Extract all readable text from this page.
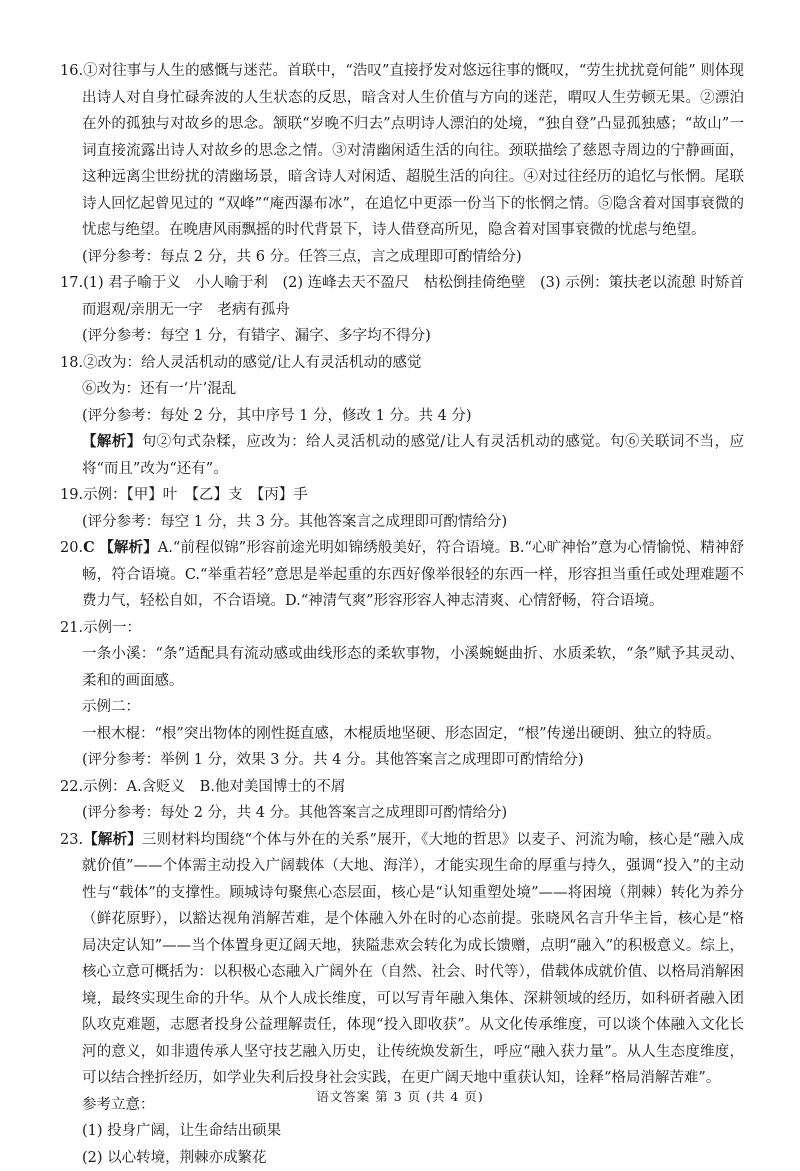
16.①对往事与人生的感慨与迷茫。首联中，“浩叹”直接抒发对悠远往事的慨叹，“劳生扰扰竟何能” 则体现出诗人对自身忙碌奔波的人生状态的反思，暗含对人生价值与方向的迷茫，喟叹人生劳顿无果。②漂泊在外的孤独与对故乡的思念。颔联“岁晚不归去”点明诗人漂泊的处境，“独自登”凸显孤独感；“故山”一词直接流露出诗人对故乡的思念之情。③对清幽闲适生活的向往。颈联描绘了慈恩寺周边的宁静画面，这种远离尘世纷扰的清幽场景，暗含诗人对闲适、超脱生活的向往。④对过往经历的追忆与怅惘。尾联诗人回忆起曾见过的 “双峰”“庵西瀑布冰”，在追忆中更添一份当下的怅惘之情。⑤隐含着对国事衰微的忧虑与绝望。在晚唐风雨飘摇的时代背景下，诗人借登高所见，隐含着对国事衰微的忧虑与绝望。

(评分参考：每点 2 分，共 6 分。任答三点，言之成理即可酌情给分)

17.(1) 君子喻于义　小人喻于利　(2) 连峰去天不盈尺　枯松倒挂倚绝壁　(3) 示例：策扶老以流憩 时矫首而遐观/亲朋无一字　老病有孤舟

(评分参考：每空 1 分，有错字、漏字、多字均不得分)

18.②改为：给人灵活机动的感觉/让人有灵活机动的感觉

⑥改为：还有一‘片’混乱

(评分参考：每处 2 分，其中序号 1 分，修改 1 分。共 4 分)

【解析】句②句式杂糅，应改为：给人灵活机动的感觉/让人有灵活机动的感觉。句⑥关联词不当，应将“而且”改为“还有”。

19.示例：【甲】叶　【乙】支　【丙】手

(评分参考：每空 1 分，共 3 分。其他答案言之成理即可酌情给分)

20.C 【解析】A.“前程似锦”形容前途光明如锦绣般美好，符合语境。B.“心旷神怡”意为心情愉悦、精神舒畅，符合语境。C.“举重若轻”意思是举起重的东西好像举很轻的东西一样，形容担当重任或处理难题不费力气，轻松自如，不合语境。D.“神清气爽”形容形容人神志清爽、心情舒畅，符合语境。

21.示例一：

一条小溪：“条”适配具有流动感或曲线形态的柔软事物，小溪蜿蜒曲折、水质柔软，“条”赋予其灵动、柔和的画面感。

示例二：

一根木棍：“根”突出物体的刚性挺直感，木棍质地坚硬、形态固定，“根”传递出硬朗、独立的特质。

(评分参考：举例 1 分，效果 3 分。共 4 分。其他答案言之成理即可酌情给分)

22.示例：A.含贬义　B.他对美国博士的不屑

(评分参考：每处 2 分，共 4 分。其他答案言之成理即可酌情给分)

23.【解析】三则材料均围绕“个体与外在的关系”展开，《大地的哲思》以麦子、河流为喻，核心是“融入成就价值”——个体需主动投入广阔载体（大地、海洋），才能实现生命的厚重与持久，强调“投入”的主动性与“载体”的支撑性。顾城诗句聚焦心态层面，核心是“认知重塑处境”——将困境（荆棘）转化为养分（鲜花原野），以豁达视角消解苦难，是个体融入外在时的心态前提。张晓风名言升华主旨，核心是“格局决定认知”——当个体置身更辽阔天地，狭隘悲欢会转化为成长馈赠，点明“融入”的积极意义。综上，核心立意可概括为：以积极心态融入广阔外在（自然、社会、时代等），借载体成就价值、以格局消解困境，最终实现生命的升华。从个人成长维度，可以写青年融入集体、深耕领域的经历，如科研者融入团队攻克难题，志愿者投身公益理解责任，体现“投入即收获”。从文化传承维度，可以谈个体融入文化长河的意义，如非遗传承人坚守技艺融入历史，让传统焕发新生，呼应“融入获力量”。从人生态度维度，可以结合挫折经历，如学业失利后投身社会实践，在更广阔天地中重获认知，诠释“格局消解苦难”。

参考立意：

(1) 投身广阔，让生命结出硕果

(2) 以心转境，荆棘亦成繁花

语文答案 第 3 页 (共 4 页)
